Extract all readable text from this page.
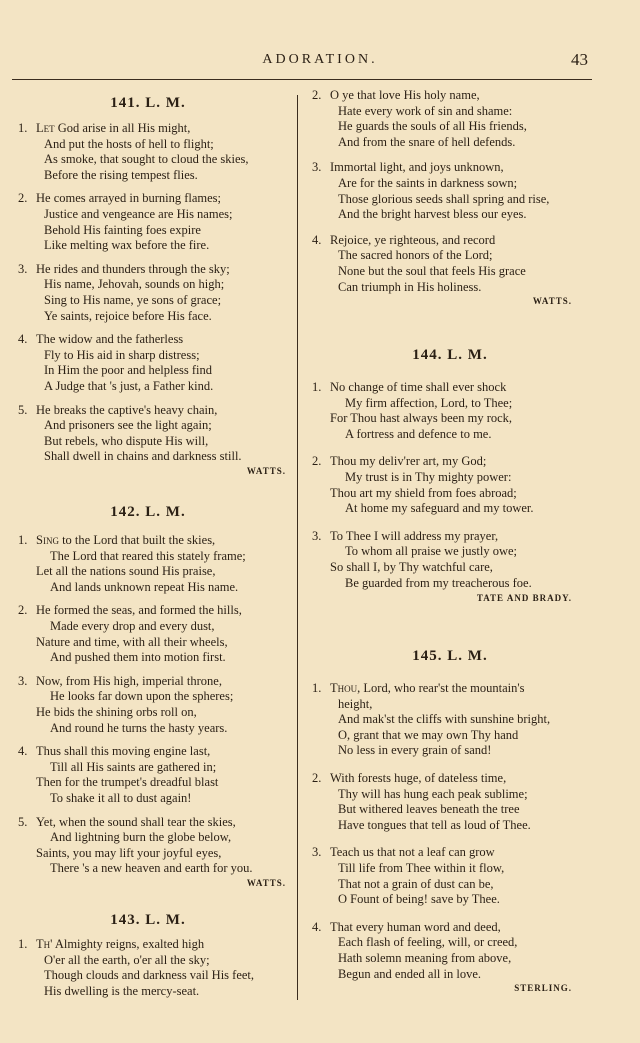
ADORATION.	43
141. L. M.
1. Let God arise in all His might,
And put the hosts of hell to flight;
As smoke, that sought to cloud the skies,
Before the rising tempest flies.
2. He comes arrayed in burning flames;
Justice and vengeance are His names;
Behold His fainting foes expire
Like melting wax before the fire.
3. He rides and thunders through the sky;
His name, Jehovah, sounds on high;
Sing to His name, ye sons of grace;
Ye saints, rejoice before His face.
4. The widow and the fatherless
Fly to His aid in sharp distress;
In Him the poor and helpless find
A Judge that 's just, a Father kind.
5. He breaks the captive's heavy chain,
And prisoners see the light again;
But rebels, who dispute His will,
Shall dwell in chains and darkness still.
WATTS.
142. L. M.
1. Sing to the Lord that built the skies,
The Lord that reared this stately frame;
Let all the nations sound His praise,
And lands unknown repeat His name.
2. He formed the seas, and formed the hills,
Made every drop and every dust,
Nature and time, with all their wheels,
And pushed them into motion first.
3. Now, from His high, imperial throne,
He looks far down upon the spheres;
He bids the shining orbs roll on,
And round he turns the hasty years.
4. Thus shall this moving engine last,
Till all His saints are gathered in;
Then for the trumpet's dreadful blast
To shake it all to dust again!
5. Yet, when the sound shall tear the skies,
And lightning burn the globe below,
Saints, you may lift your joyful eyes,
There 's a new heaven and earth for you.
WATTS.
143. L. M.
1. Th' Almighty reigns, exalted high
O'er all the earth, o'er all the sky;
Though clouds and darkness vail His feet,
His dwelling is the mercy-seat.
2. O ye that love His holy name,
Hate every work of sin and shame:
He guards the souls of all His friends,
And from the snare of hell defends.
3. Immortal light, and joys unknown,
Are for the saints in darkness sown;
Those glorious seeds shall spring and rise,
And the bright harvest bless our eyes.
4. Rejoice, ye righteous, and record
The sacred honors of the Lord;
None but the soul that feels His grace
Can triumph in His holiness.
WATTS.
144. L. M.
1. No change of time shall ever shock
My firm affection, Lord, to Thee;
For Thou hast always been my rock,
A fortress and defence to me.
2. Thou my deliv'rer art, my God;
My trust is in Thy mighty power:
Thou art my shield from foes abroad;
At home my safeguard and my tower.
3. To Thee I will address my prayer,
To whom all praise we justly owe;
So shall I, by Thy watchful care,
Be guarded from my treacherous foe.
TATE AND BRADY.
145. L. M.
1. Thou, Lord, who rear'st the mountain's
height,
And mak'st the cliffs with sunshine bright,
O, grant that we may own Thy hand
No less in every grain of sand!
2. With forests huge, of dateless time,
Thy will has hung each peak sublime;
But withered leaves beneath the tree
Have tongues that tell as loud of Thee.
3. Teach us that not a leaf can grow
Till life from Thee within it flow,
That not a grain of dust can be,
O Fount of being! save by Thee.
4. That every human word and deed,
Each flash of feeling, will, or creed,
Hath solemn meaning from above,
Begun and ended all in love.
STERLING.
